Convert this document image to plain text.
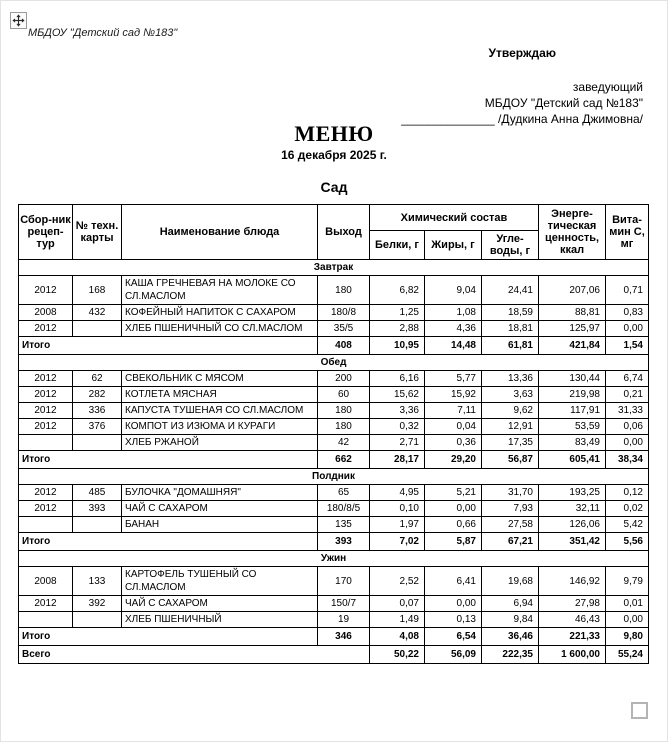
МБДОУ "Детский сад №183"
Утверждаю
заведующий
МБДОУ "Детский сад №183"
______________ /Дудкина Анна Джимовна/
МЕНЮ
16 декабря 2025 г.
Сад
Сбор-ник рецеп-тур	№ техн. карты	Наименование блюда	Выход	Химический состав			Энерге-тическая ценность, ккал	Вита-мин С, мг
				Белки, г	Жиры, г	Угле-воды, г		
Завтрак								
2012	168	КАША ГРЕЧНЕВАЯ НА МОЛОКЕ СО СЛ.МАСЛОМ	180	6,82	9,04	24,41	207,06	0,71
2008	432	КОФЕЙНЫЙ НАПИТОК С САХАРОМ	180/8	1,25	1,08	18,59	88,81	0,83
2012		ХЛЕБ ПШЕНИЧНЫЙ СО СЛ.МАСЛОМ	35/5	2,88	4,36	18,81	125,97	0,00
Итого			408	10,95	14,48	61,81	421,84	1,54
Обед								
2012	62	СВЕКОЛЬНИК С МЯСОМ	200	6,16	5,77	13,36	130,44	6,74
2012	282	КОТЛЕТА МЯСНАЯ	60	15,62	15,92	3,63	219,98	0,21
2012	336	КАПУСТА ТУШЕНАЯ СО СЛ.МАСЛОМ	180	3,36	7,11	9,62	117,91	31,33
2012	376	КОМПОТ ИЗ ИЗЮМА И КУРАГИ	180	0,32	0,04	12,91	53,59	0,06
		ХЛЕБ РЖАНОЙ	42	2,71	0,36	17,35	83,49	0,00
Итого			662	28,17	29,20	56,87	605,41	38,34
Полдник								
2012	485	БУЛОЧКА "ДОМАШНЯЯ"	65	4,95	5,21	31,70	193,25	0,12
2012	393	ЧАЙ С САХАРОМ	180/8/5	0,10	0,00	7,93	32,11	0,02
		БАНАН	135	1,97	0,66	27,58	126,06	5,42
Итого			393	7,02	5,87	67,21	351,42	5,56
Ужин								
2008	133	КАРТОФЕЛЬ ТУШЕНЫЙ СО СЛ.МАСЛОМ	170	2,52	6,41	19,68	146,92	9,79
2012	392	ЧАЙ С САХАРОМ	150/7	0,07	0,00	6,94	27,98	0,01
		ХЛЕБ ПШЕНИЧНЫЙ	19	1,49	0,13	9,84	46,43	0,00
Итого			346	4,08	6,54	36,46	221,33	9,80
Всего				50,22	56,09	222,35	1 600,00	55,24
